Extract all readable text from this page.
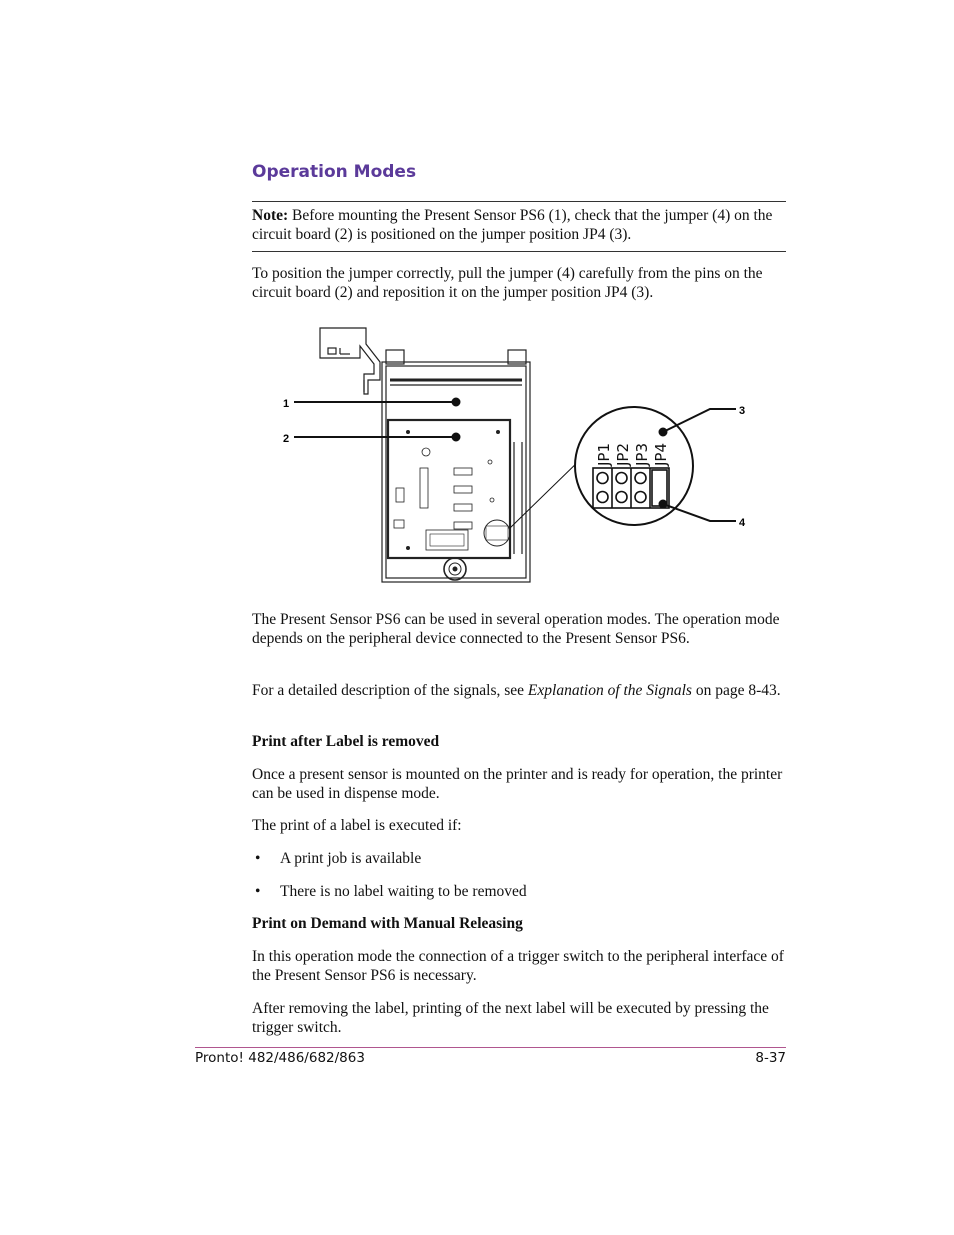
Operation Modes

Note: Before mounting the Present Sensor PS6 (1), check that the jumper (4) on the circuit board (2) is positioned on the jumper position JP4 (3).

To position the jumper correctly, pull the jumper (4) carefully from the pins on the circuit board (2) and reposition it on the jumper position JP4 (3).

1
2
JP1 JP2 JP3 JP4
3
4

The Present Sensor PS6 can be used in several operation modes. The operation mode depends on the peripheral device connected to the Present Sensor PS6.

For a detailed description of the signals, see Explanation of the Signals on page 8-43.

Print after Label is removed

Once a present sensor is mounted on the printer and is ready for operation, the printer can be used in dispense mode.

The print of a label is executed if:

• A print job is available

• There is no label waiting to be removed

Print on Demand with Manual Releasing

In this operation mode the connection of a trigger switch to the peripheral interface of the Present Sensor PS6 is necessary.

After removing the label, printing of the next label will be executed by pressing the trigger switch.

Pronto! 482/486/682/863	8-37
